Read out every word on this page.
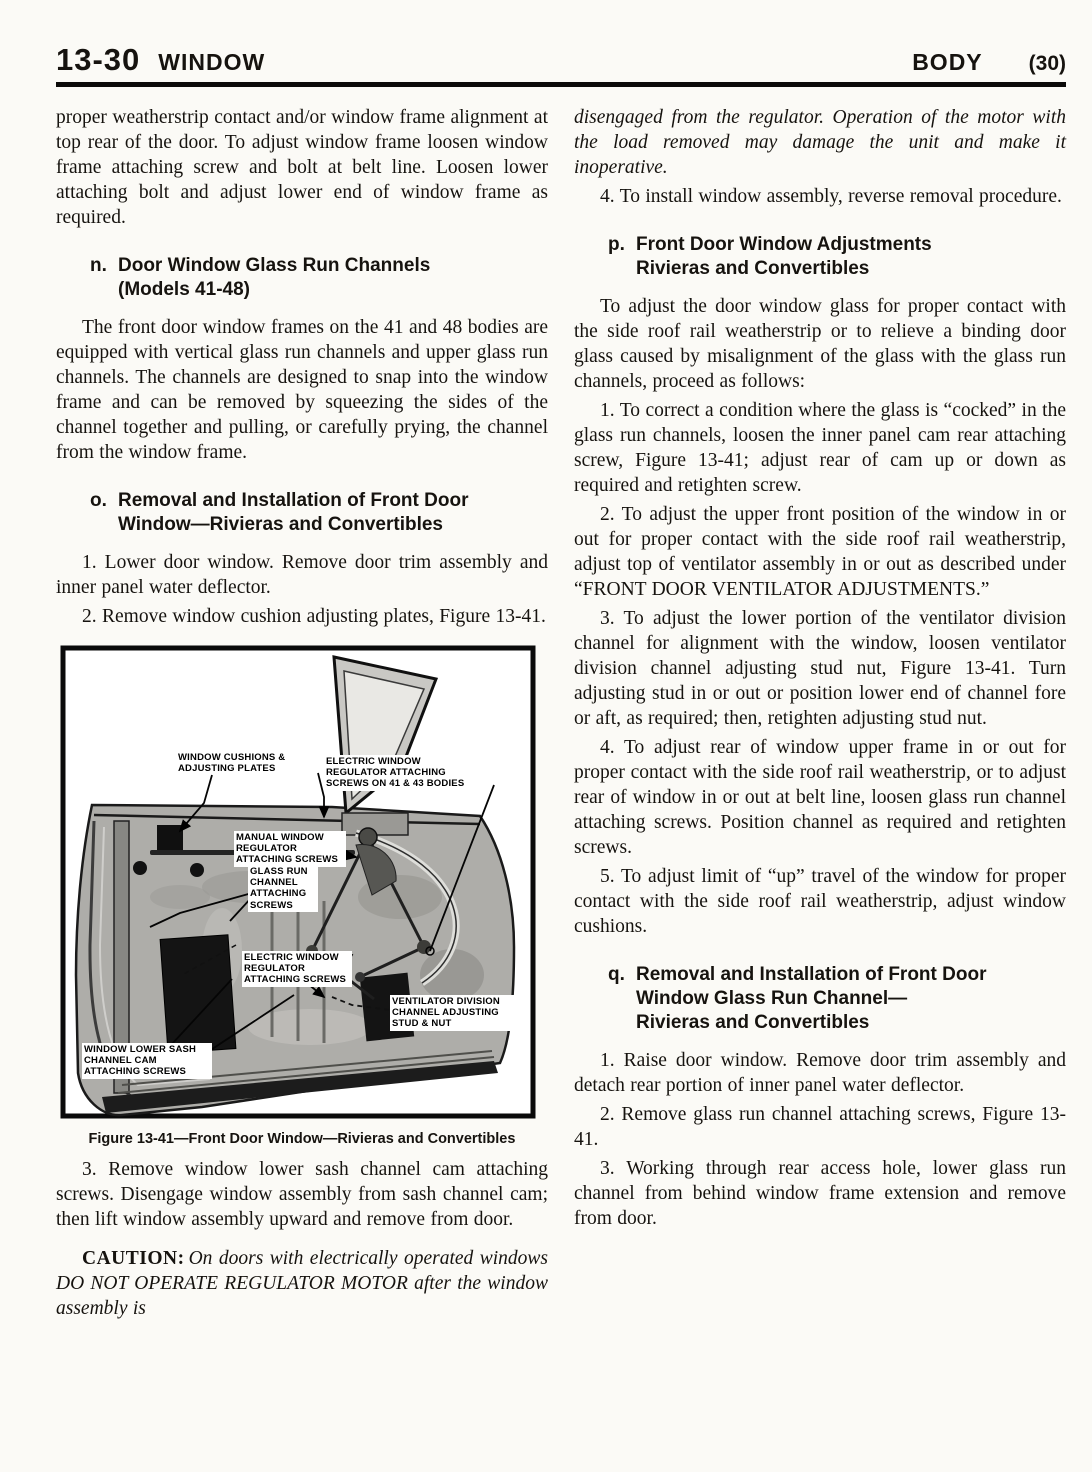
13-30 WINDOW	BODY (30)

proper weatherstrip contact and/or window frame alignment at top rear of the door. To adjust window frame loosen window frame attaching screw and bolt at belt line. Loosen lower attaching bolt and adjust lower end of window frame as required.

n. Door Window Glass Run Channels
(Models 41-48)

The front door window frames on the 41 and 48 bodies are equipped with vertical glass run channels and upper glass run channels. The channels are designed to snap into the window frame and can be removed by squeezing the sides of the channel together and pulling, or carefully prying, the channel from the window frame.

o. Removal and Installation of Front Door
Window—Rivieras and Convertibles

1. Lower door window. Remove door trim assembly and inner panel water deflector.

2. Remove window cushion adjusting plates, Figure 13-41.

WINDOW CUSHIONS & ADJUSTING PLATES
ELECTRIC WINDOW REGULATOR ATTACHING SCREWS ON 41 & 43 BODIES
MANUAL WINDOW REGULATOR ATTACHING SCREWS
GLASS RUN CHANNEL ATTACHING SCREWS
ELECTRIC WINDOW REGULATOR ATTACHING SCREWS
VENTILATOR DIVISION CHANNEL ADJUSTING STUD & NUT
WINDOW LOWER SASH CHANNEL CAM ATTACHING SCREWS
Figure 13-41—Front Door Window—Rivieras and Convertibles

3. Remove window lower sash channel cam attaching screws. Disengage window assembly from sash channel cam; then lift window assembly upward and remove from door.

CAUTION: On doors with electrically operated windows DO NOT OPERATE REGULATOR MOTOR after the window assembly is

disengaged from the regulator. Operation of the motor with the load removed may damage the unit and make it inoperative.

4. To install window assembly, reverse removal procedure.

p. Front Door Window Adjustments
Rivieras and Convertibles

To adjust the door window glass for proper contact with the side roof rail weatherstrip or to relieve a binding door glass caused by misalignment of the glass with the glass run channels, proceed as follows:

1. To correct a condition where the glass is “cocked” in the glass run channels, loosen the inner panel cam rear attaching screw, Figure 13-41; adjust rear of cam up or down as required and retighten screw.

2. To adjust the upper front position of the window in or out for proper contact with the side roof rail weatherstrip, adjust top of ventilator assembly in or out as described under “FRONT DOOR VENTILATOR ADJUSTMENTS.”

3. To adjust the lower portion of the ventilator division channel for alignment with the window, loosen ventilator division channel adjusting stud nut, Figure 13-41. Turn adjusting stud in or out or position lower end of channel fore or aft, as required; then, retighten adjusting stud nut.

4. To adjust rear of window upper frame in or out for proper contact with the side roof rail weatherstrip, or to adjust rear of window in or out at belt line, loosen glass run channel attaching screws. Position channel as required and retighten screws.

5. To adjust limit of “up” travel of the window for proper contact with the side roof rail weatherstrip, adjust window cushions.

q. Removal and Installation of Front Door
Window Glass Run Channel—
Rivieras and Convertibles

1. Raise door window. Remove door trim assembly and detach rear portion of inner panel water deflector.

2. Remove glass run channel attaching screws, Figure 13-41.

3. Working through rear access hole, lower glass run channel from behind window frame extension and remove from door.
